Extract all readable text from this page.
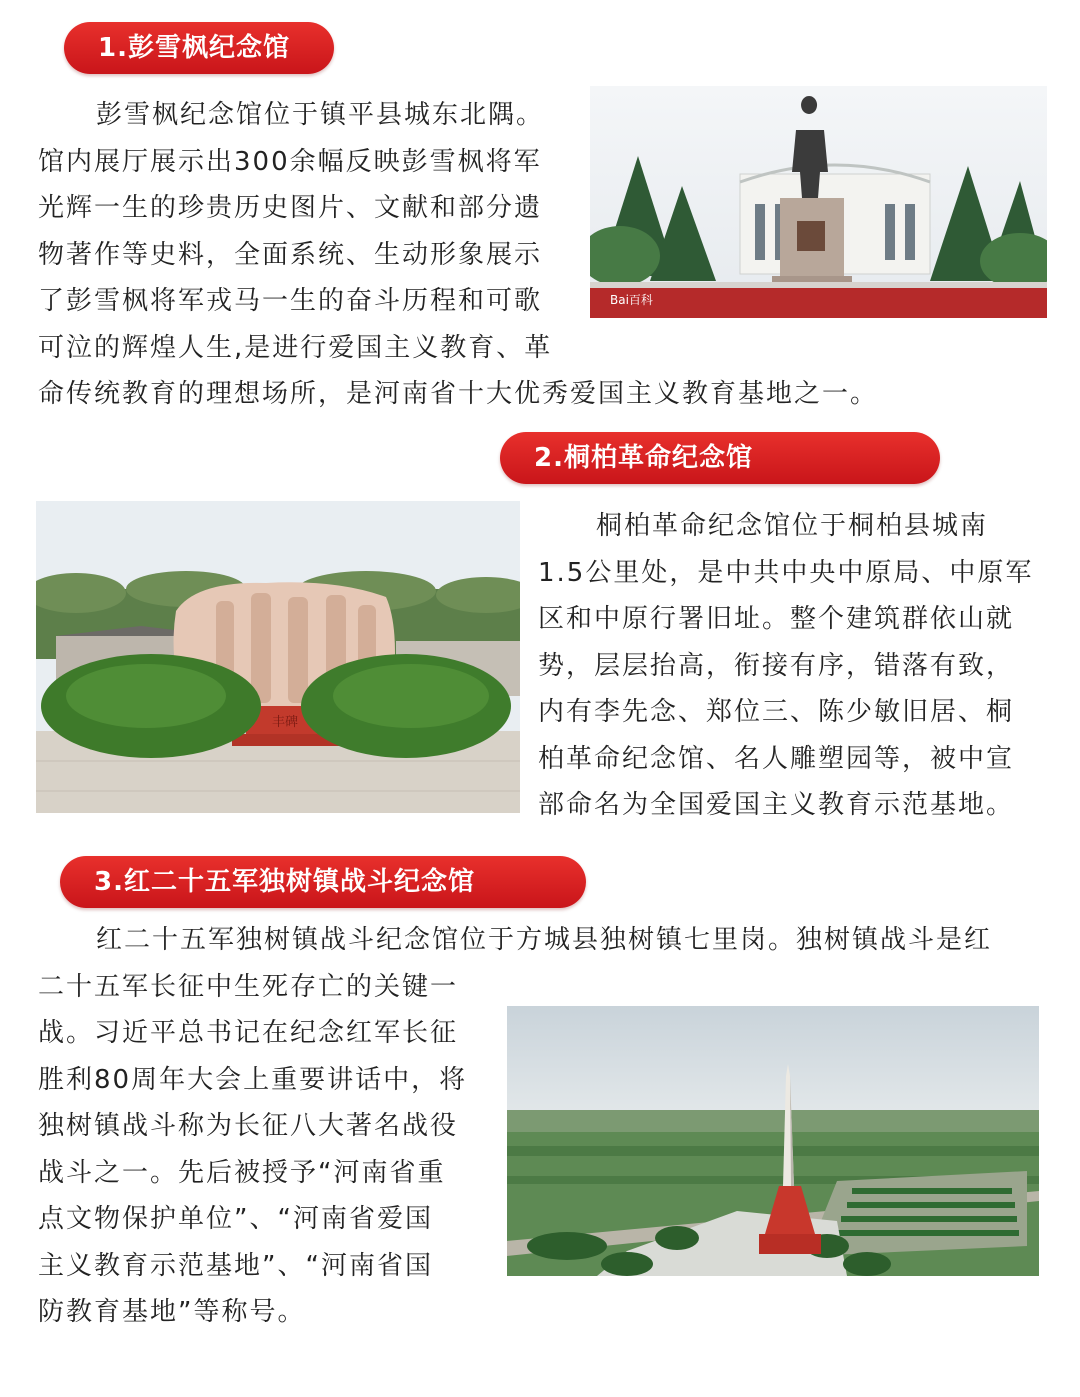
1.彭雪枫纪念馆
彭雪枫纪念馆位于镇平县城东北隅。
馆内展厅展示出300余幅反映彭雪枫将军
光辉一生的珍贵历史图片、文献和部分遗
物著作等史料，全面系统、生动形象展示
了彭雪枫将军戎马一生的奋斗历程和可歌
可泣的辉煌人生,是进行爱国主义教育、革
命传统教育的理想场所，是河南省十大优秀爱国主义教育基地之一。
Bai百科
2.桐柏革命纪念馆
丰碑
桐柏革命纪念馆位于桐柏县城南
1.5公里处，是中共中央中原局、中原军
区和中原行署旧址。整个建筑群依山就
势，层层抬高，衔接有序，错落有致，
内有李先念、郑位三、陈少敏旧居、桐
柏革命纪念馆、名人雕塑园等，被中宣
部命名为全国爱国主义教育示范基地。
3.红二十五军独树镇战斗纪念馆
红二十五军独树镇战斗纪念馆位于方城县独树镇七里岗。独树镇战斗是红
二十五军长征中生死存亡的关键一
战。习近平总书记在纪念红军长征
胜利80周年大会上重要讲话中，将
独树镇战斗称为长征八大著名战役
战斗之一。先后被授予“河南省重
点文物保护单位”、“河南省爱国
主义教育示范基地”、“河南省国
防教育基地”等称号。
